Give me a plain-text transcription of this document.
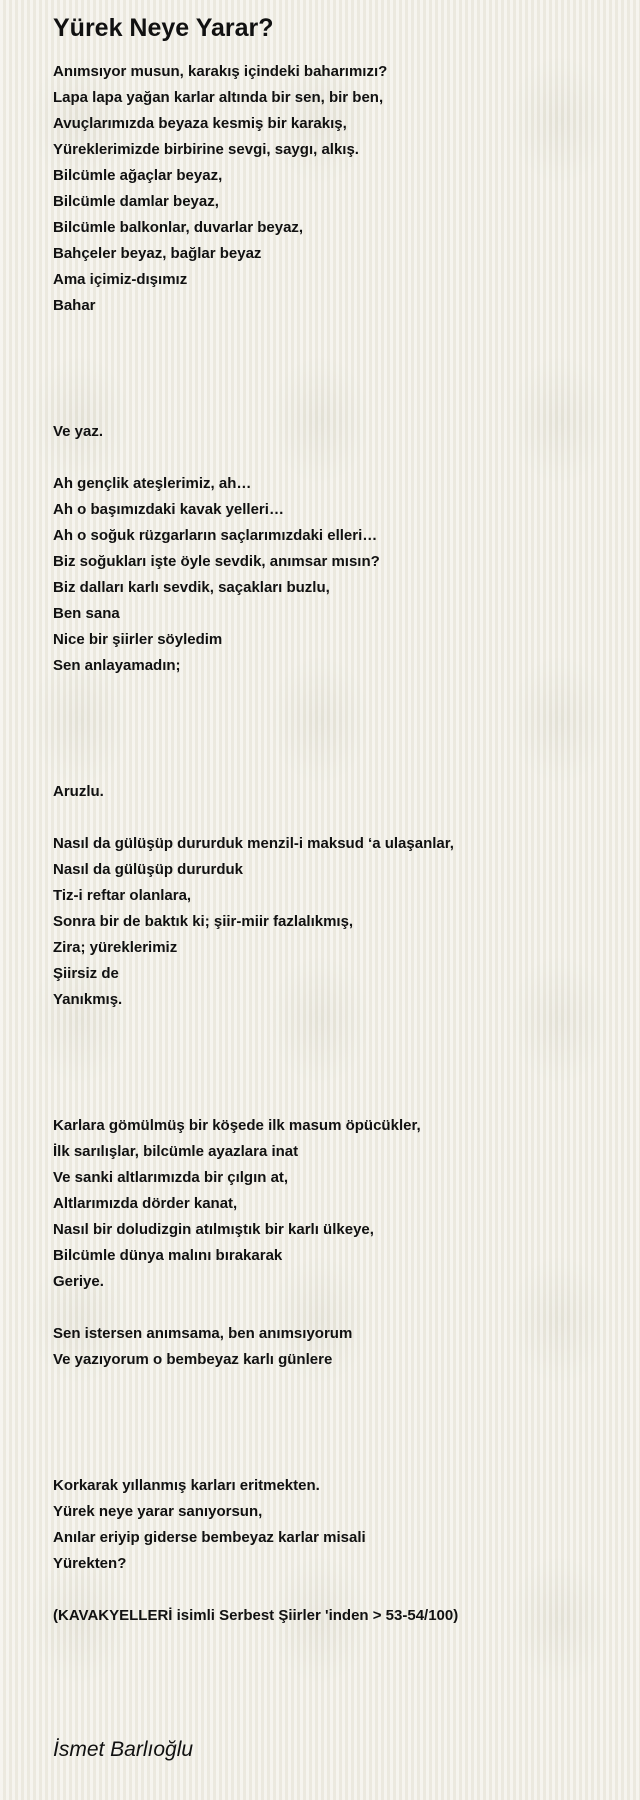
Yürek Neye Yarar?
Anımsıyor musun, karakış içindeki baharımızı?
Lapa lapa yağan karlar altında bir sen, bir ben,
Avuçlarımızda beyaza kesmiş bir karakış,
Yüreklerimizde birbirine sevgi, saygı, alkış.
Bilcümle ağaçlar beyaz,
Bilcümle damlar beyaz,
Bilcümle balkonlar, duvarlar beyaz,
Bahçeler beyaz, bağlar beyaz
Ama içimiz-dışımız
Bahar
Ve yaz.
Ah gençlik ateşlerimiz, ah…
Ah o başımızdaki kavak yelleri…
Ah o soğuk rüzgarların saçlarımızdaki elleri…
Biz soğukları işte öyle sevdik, anımsar mısın?
Biz dalları karlı sevdik, saçakları buzlu,
Ben sana
Nice bir şiirler söyledim
Sen anlayamadın;
Aruzlu.
Nasıl da gülüşüp dururduk menzil-i maksud ‘a ulaşanlar,
Nasıl da gülüşüp dururduk
Tiz-i reftar olanlara,
Sonra bir de baktık ki; şiir-miir fazlalıkmış,
Zira; yüreklerimiz
Şiirsiz de
Yanıkmış.
Karlara gömülmüş bir köşede ilk masum öpücükler,
İlk sarılışlar, bilcümle ayazlara inat
Ve sanki altlarımızda bir çılgın at,
Altlarımızda dörder kanat,
Nasıl bir doludizgin atılmıştık bir karlı ülkeye,
Bilcümle dünya malını bırakarak
Geriye.
Sen istersen anımsama, ben anımsıyorum
Ve yazıyorum o bembeyaz karlı günlere
Korkarak yıllanmış karları eritmekten.
Yürek neye yarar sanıyorsun,
Anılar eriyip giderse bembeyaz karlar misali
Yürekten?
(KAVAKYELLERİ isimli Serbest Şiirler 'inden > 53-54/100)
İsmet Barlıoğlu
